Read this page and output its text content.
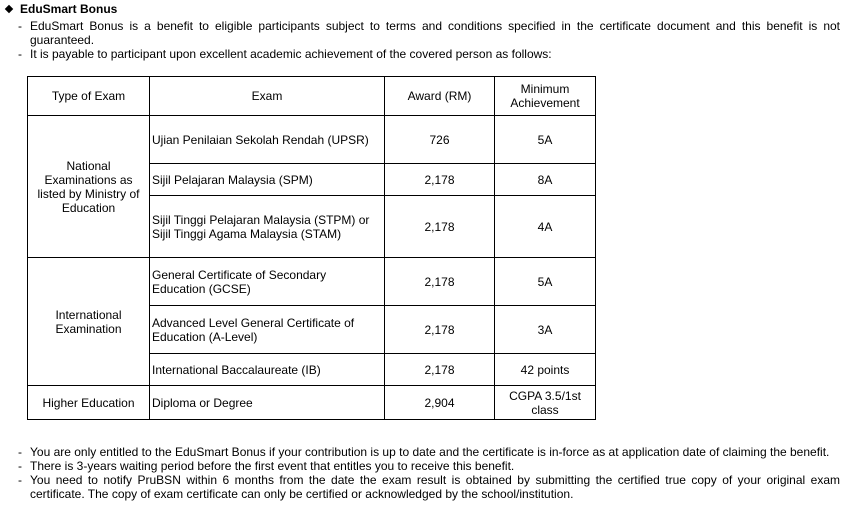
EduSmart Bonus
- EduSmart Bonus is a benefit to eligible participants subject to terms and conditions specified in the certificate document and this benefit is not guaranteed.
- It is payable to participant upon excellent academic achievement of the covered person as follows:
Type of Exam	Exam	Award (RM)	Minimum Achievement
National Examinations as listed by Ministry of Education	Ujian Penilaian Sekolah Rendah (UPSR)	726	5A
	Sijil Pelajaran Malaysia (SPM)	2,178	8A
	Sijil Tinggi Pelajaran Malaysia (STPM) or Sijil Tinggi Agama Malaysia (STAM)	2,178	4A
International Examination	General Certificate of Secondary Education (GCSE)	2,178	5A
	Advanced Level General Certificate of Education (A-Level)	2,178	3A
	International Baccalaureate (IB)	2,178	42 points
Higher Education	Diploma or Degree	2,904	CGPA 3.5/1st class
- You are only entitled to the EduSmart Bonus if your contribution is up to date and the certificate is in-force as at application date of claiming the benefit.
- There is 3-years waiting period before the first event that entitles you to receive this benefit.
- You need to notify PruBSN within 6 months from the date the exam result is obtained by submitting the certified true copy of your original exam certificate. The copy of exam certificate can only be certified or acknowledged by the school/institution.
